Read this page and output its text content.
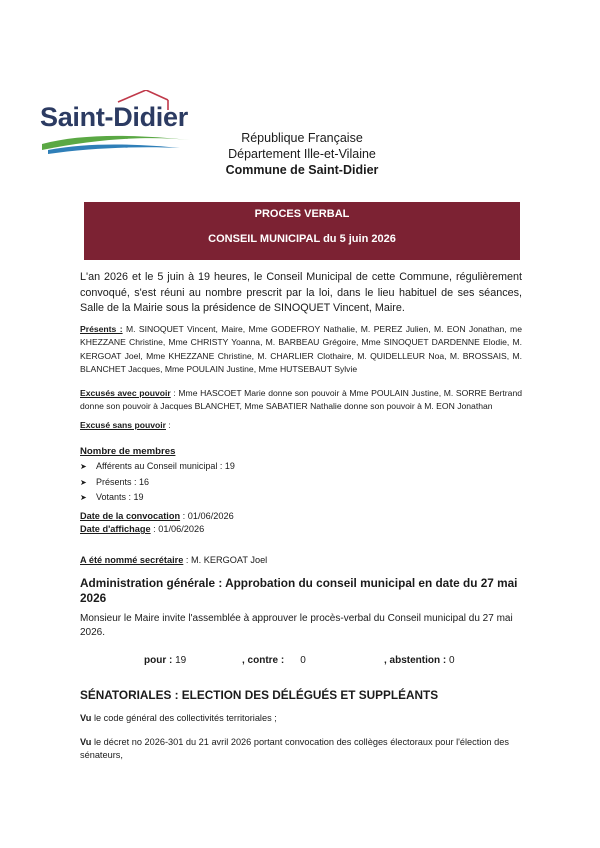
Saint-Didier
République Française
Département Ille-et-Vilaine
Commune de Saint-Didier
PROCES VERBAL
CONSEIL MUNICIPAL du 5 juin 2026
L'an 2026 et le 5 juin à 19 heures, le Conseil Municipal de cette Commune, régulièrement convoqué, s'est réuni au nombre prescrit par la loi, dans le lieu habituel de ses séances, Salle de la Mairie sous la présidence de SINOQUET Vincent, Maire.
Présents : M. SINOQUET Vincent, Maire, Mme GODEFROY Nathalie, M. PEREZ Julien, M. EON Jonathan, me KHEZZANE Christine, Mme CHRISTY Yoanna, M. BARBEAU Grégoire, Mme SINOQUET DARDENNE Elodie, M. KERGOAT Joel, Mme KHEZZANE Christine, M. CHARLIER Clothaire, M. QUIDELLEUR Noa, M. BROSSAIS, M. BLANCHET Jacques, Mme POULAIN Justine, Mme HUTSEBAUT Sylvie
Excusés avec pouvoir : Mme HASCOET Marie donne son pouvoir à Mme POULAIN Justine, M. SORRE Bertrand donne son pouvoir à Jacques BLANCHET, Mme SABATIER Nathalie donne son pouvoir à M. EON Jonathan
Excusé sans pouvoir :
Nombre de membres
➤	Afférents au Conseil municipal : 19
➤	Présents : 16
➤	Votants : 19
Date de la convocation : 01/06/2026
Date d'affichage : 01/06/2026
A été nommé secrétaire : M. KERGOAT Joel
Administration générale : Approbation du conseil municipal en date du 27 mai 2026
Monsieur le Maire invite l'assemblée à approuver le procès-verbal du Conseil municipal du 27 mai 2026.
pour : 19	, contre : 0	, abstention : 0
SÉNATORIALES : ELECTION DES DÉLÉGUÉS ET SUPPLÉANTS
Vu le code général des collectivités territoriales ;
Vu le décret no 2026-301 du 21 avril 2026 portant convocation des collèges électoraux pour l'élection des sénateurs,
